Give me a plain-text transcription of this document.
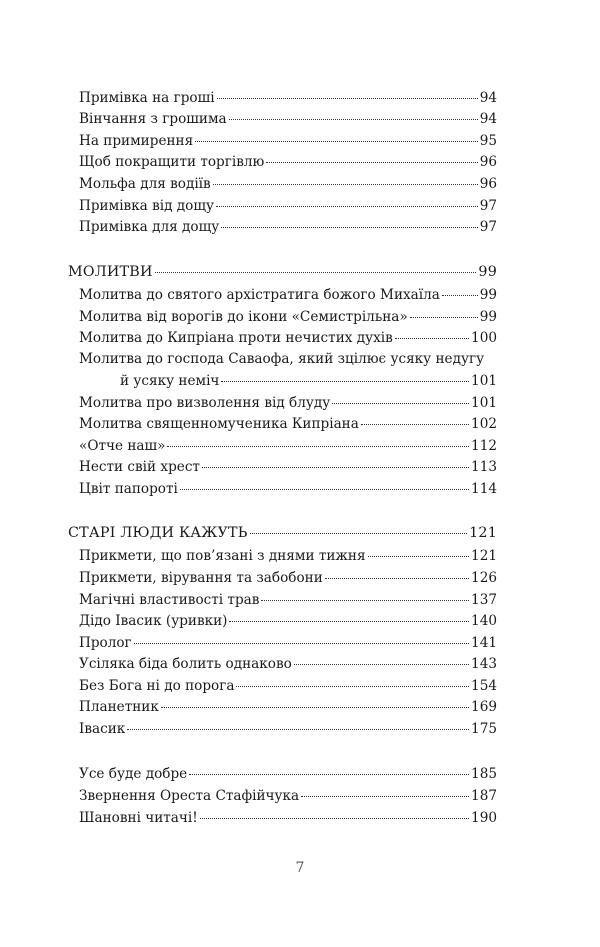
Примівка на гроші	94
Вінчання з грошима	94
На примирення	95
Щоб покращити торгівлю	96
Мольфа для водіїв	96
Примівка від дощу	97
Примівка для дощу	97
МОЛИТВИ	99
Молитва до святого архістратига божого Михаїла	99
Молитва від ворогів до ікони «Семистрільна»	99
Молитва до Кипріана проти нечистих духів	100
Молитва до господа Саваофа, який зцілює усяку недугу
й усяку неміч	101
Молитва про визволення від блуду	101
Молитва священномученика Кипріана	102
«Отче наш»	112
Нести свій хрест	113
Цвіт папороті	114
СТАРІ ЛЮДИ КАЖУТЬ	121
Прикмети, що пов’язані з днями тижня	121
Прикмети, вірування та забобони	126
Магічні властивості трав	137
Дідо Івасик (уривки)	140
Пролог	141
Усіляка біда болить однаково	143
Без Бога ні до порога	154
Планетник	169
Івасик	175
Усе буде добре	185
Звернення Ореста Стафійчука	187
Шановні читачі!	190
7
